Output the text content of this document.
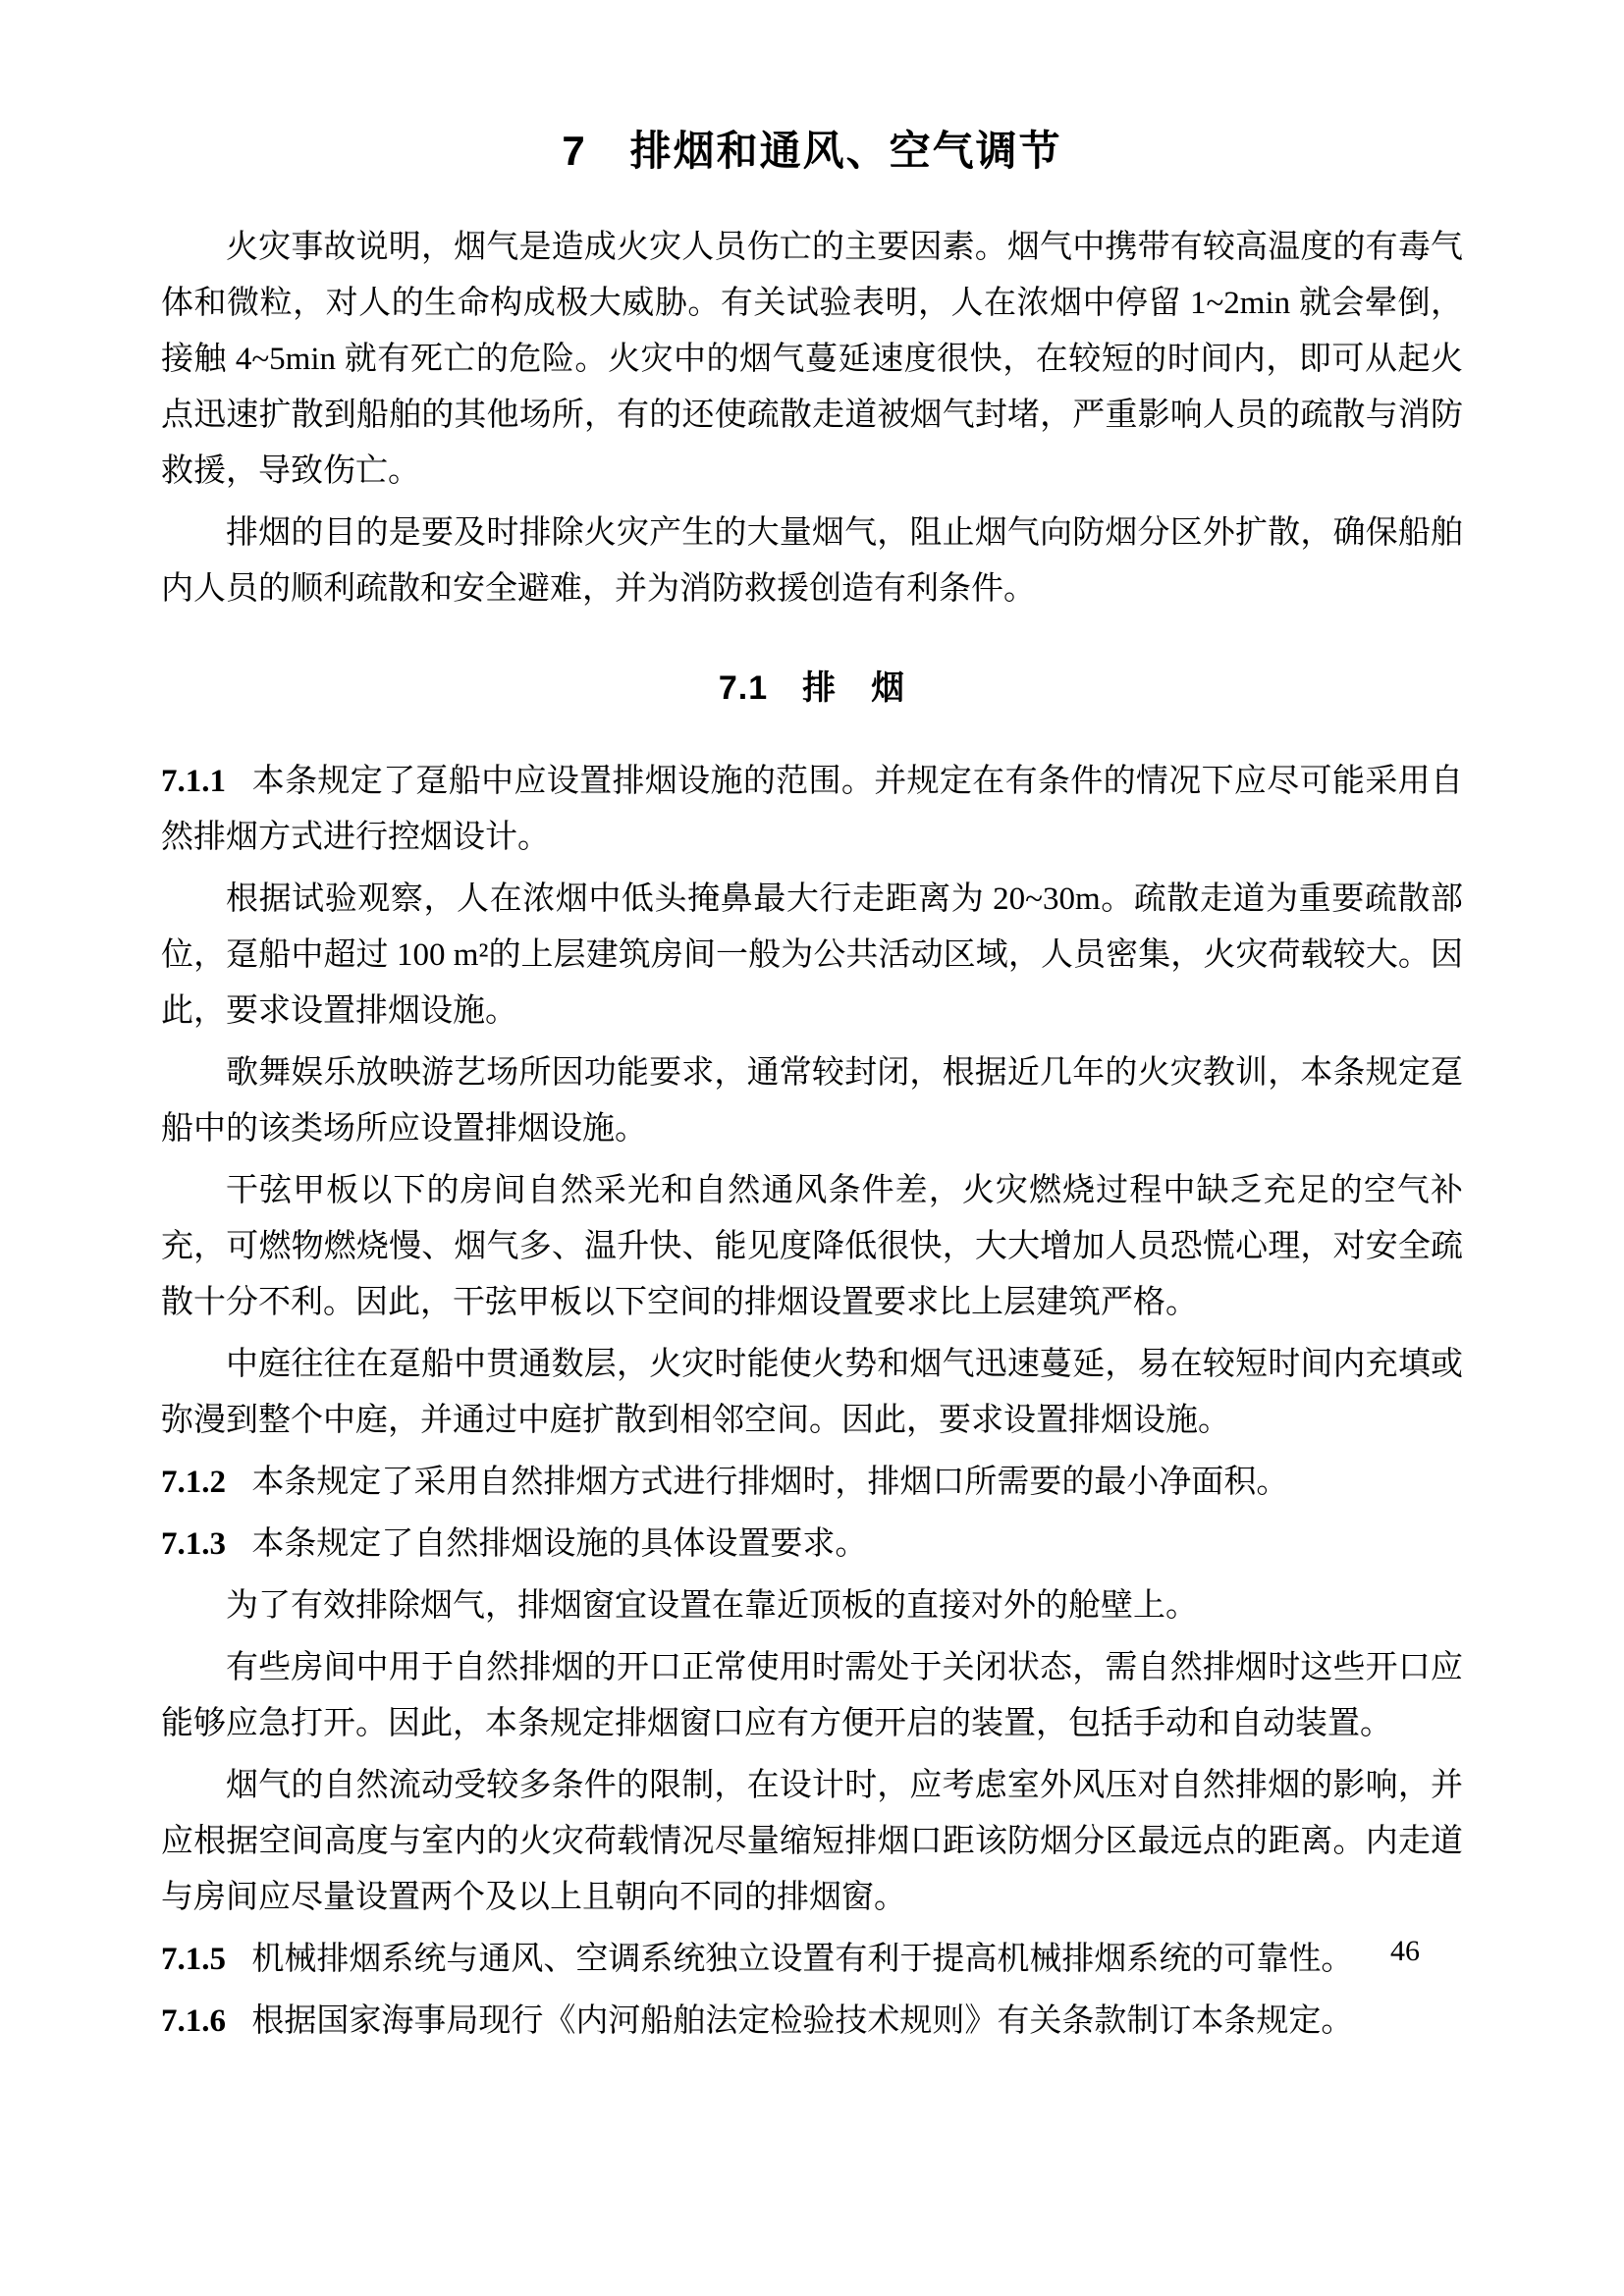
7　排烟和通风、空气调节

火灾事故说明，烟气是造成火灾人员伤亡的主要因素。烟气中携带有较高温度的有毒气体和微粒，对人的生命构成极大威胁。有关试验表明，人在浓烟中停留 1~2min 就会晕倒，接触 4~5min 就有死亡的危险。火灾中的烟气蔓延速度很快，在较短的时间内，即可从起火点迅速扩散到船舶的其他场所，有的还使疏散走道被烟气封堵，严重影响人员的疏散与消防救援，导致伤亡。

排烟的目的是要及时排除火灾产生的大量烟气，阻止烟气向防烟分区外扩散，确保船舶内人员的顺利疏散和安全避难，并为消防救援创造有利条件。

7.1　排　烟

7.1.1 本条规定了趸船中应设置排烟设施的范围。并规定在有条件的情况下应尽可能采用自然排烟方式进行控烟设计。

根据试验观察，人在浓烟中低头掩鼻最大行走距离为 20~30m。疏散走道为重要疏散部位，趸船中超过 100 m²的上层建筑房间一般为公共活动区域，人员密集，火灾荷载较大。因此，要求设置排烟设施。

歌舞娱乐放映游艺场所因功能要求，通常较封闭，根据近几年的火灾教训，本条规定趸船中的该类场所应设置排烟设施。

干弦甲板以下的房间自然采光和自然通风条件差，火灾燃烧过程中缺乏充足的空气补充，可燃物燃烧慢、烟气多、温升快、能见度降低很快，大大增加人员恐慌心理，对安全疏散十分不利。因此，干弦甲板以下空间的排烟设置要求比上层建筑严格。

中庭往往在趸船中贯通数层，火灾时能使火势和烟气迅速蔓延，易在较短时间内充填或弥漫到整个中庭，并通过中庭扩散到相邻空间。因此，要求设置排烟设施。

7.1.2 本条规定了采用自然排烟方式进行排烟时，排烟口所需要的最小净面积。

7.1.3 本条规定了自然排烟设施的具体设置要求。

为了有效排除烟气，排烟窗宜设置在靠近顶板的直接对外的舱壁上。

有些房间中用于自然排烟的开口正常使用时需处于关闭状态，需自然排烟时这些开口应能够应急打开。因此，本条规定排烟窗口应有方便开启的装置，包括手动和自动装置。

烟气的自然流动受较多条件的限制，在设计时，应考虑室外风压对自然排烟的影响，并应根据空间高度与室内的火灾荷载情况尽量缩短排烟口距该防烟分区最远点的距离。内走道与房间应尽量设置两个及以上且朝向不同的排烟窗。

7.1.5 机械排烟系统与通风、空调系统独立设置有利于提高机械排烟系统的可靠性。

7.1.6 根据国家海事局现行《内河船舶法定检验技术规则》有关条款制订本条规定。

46
